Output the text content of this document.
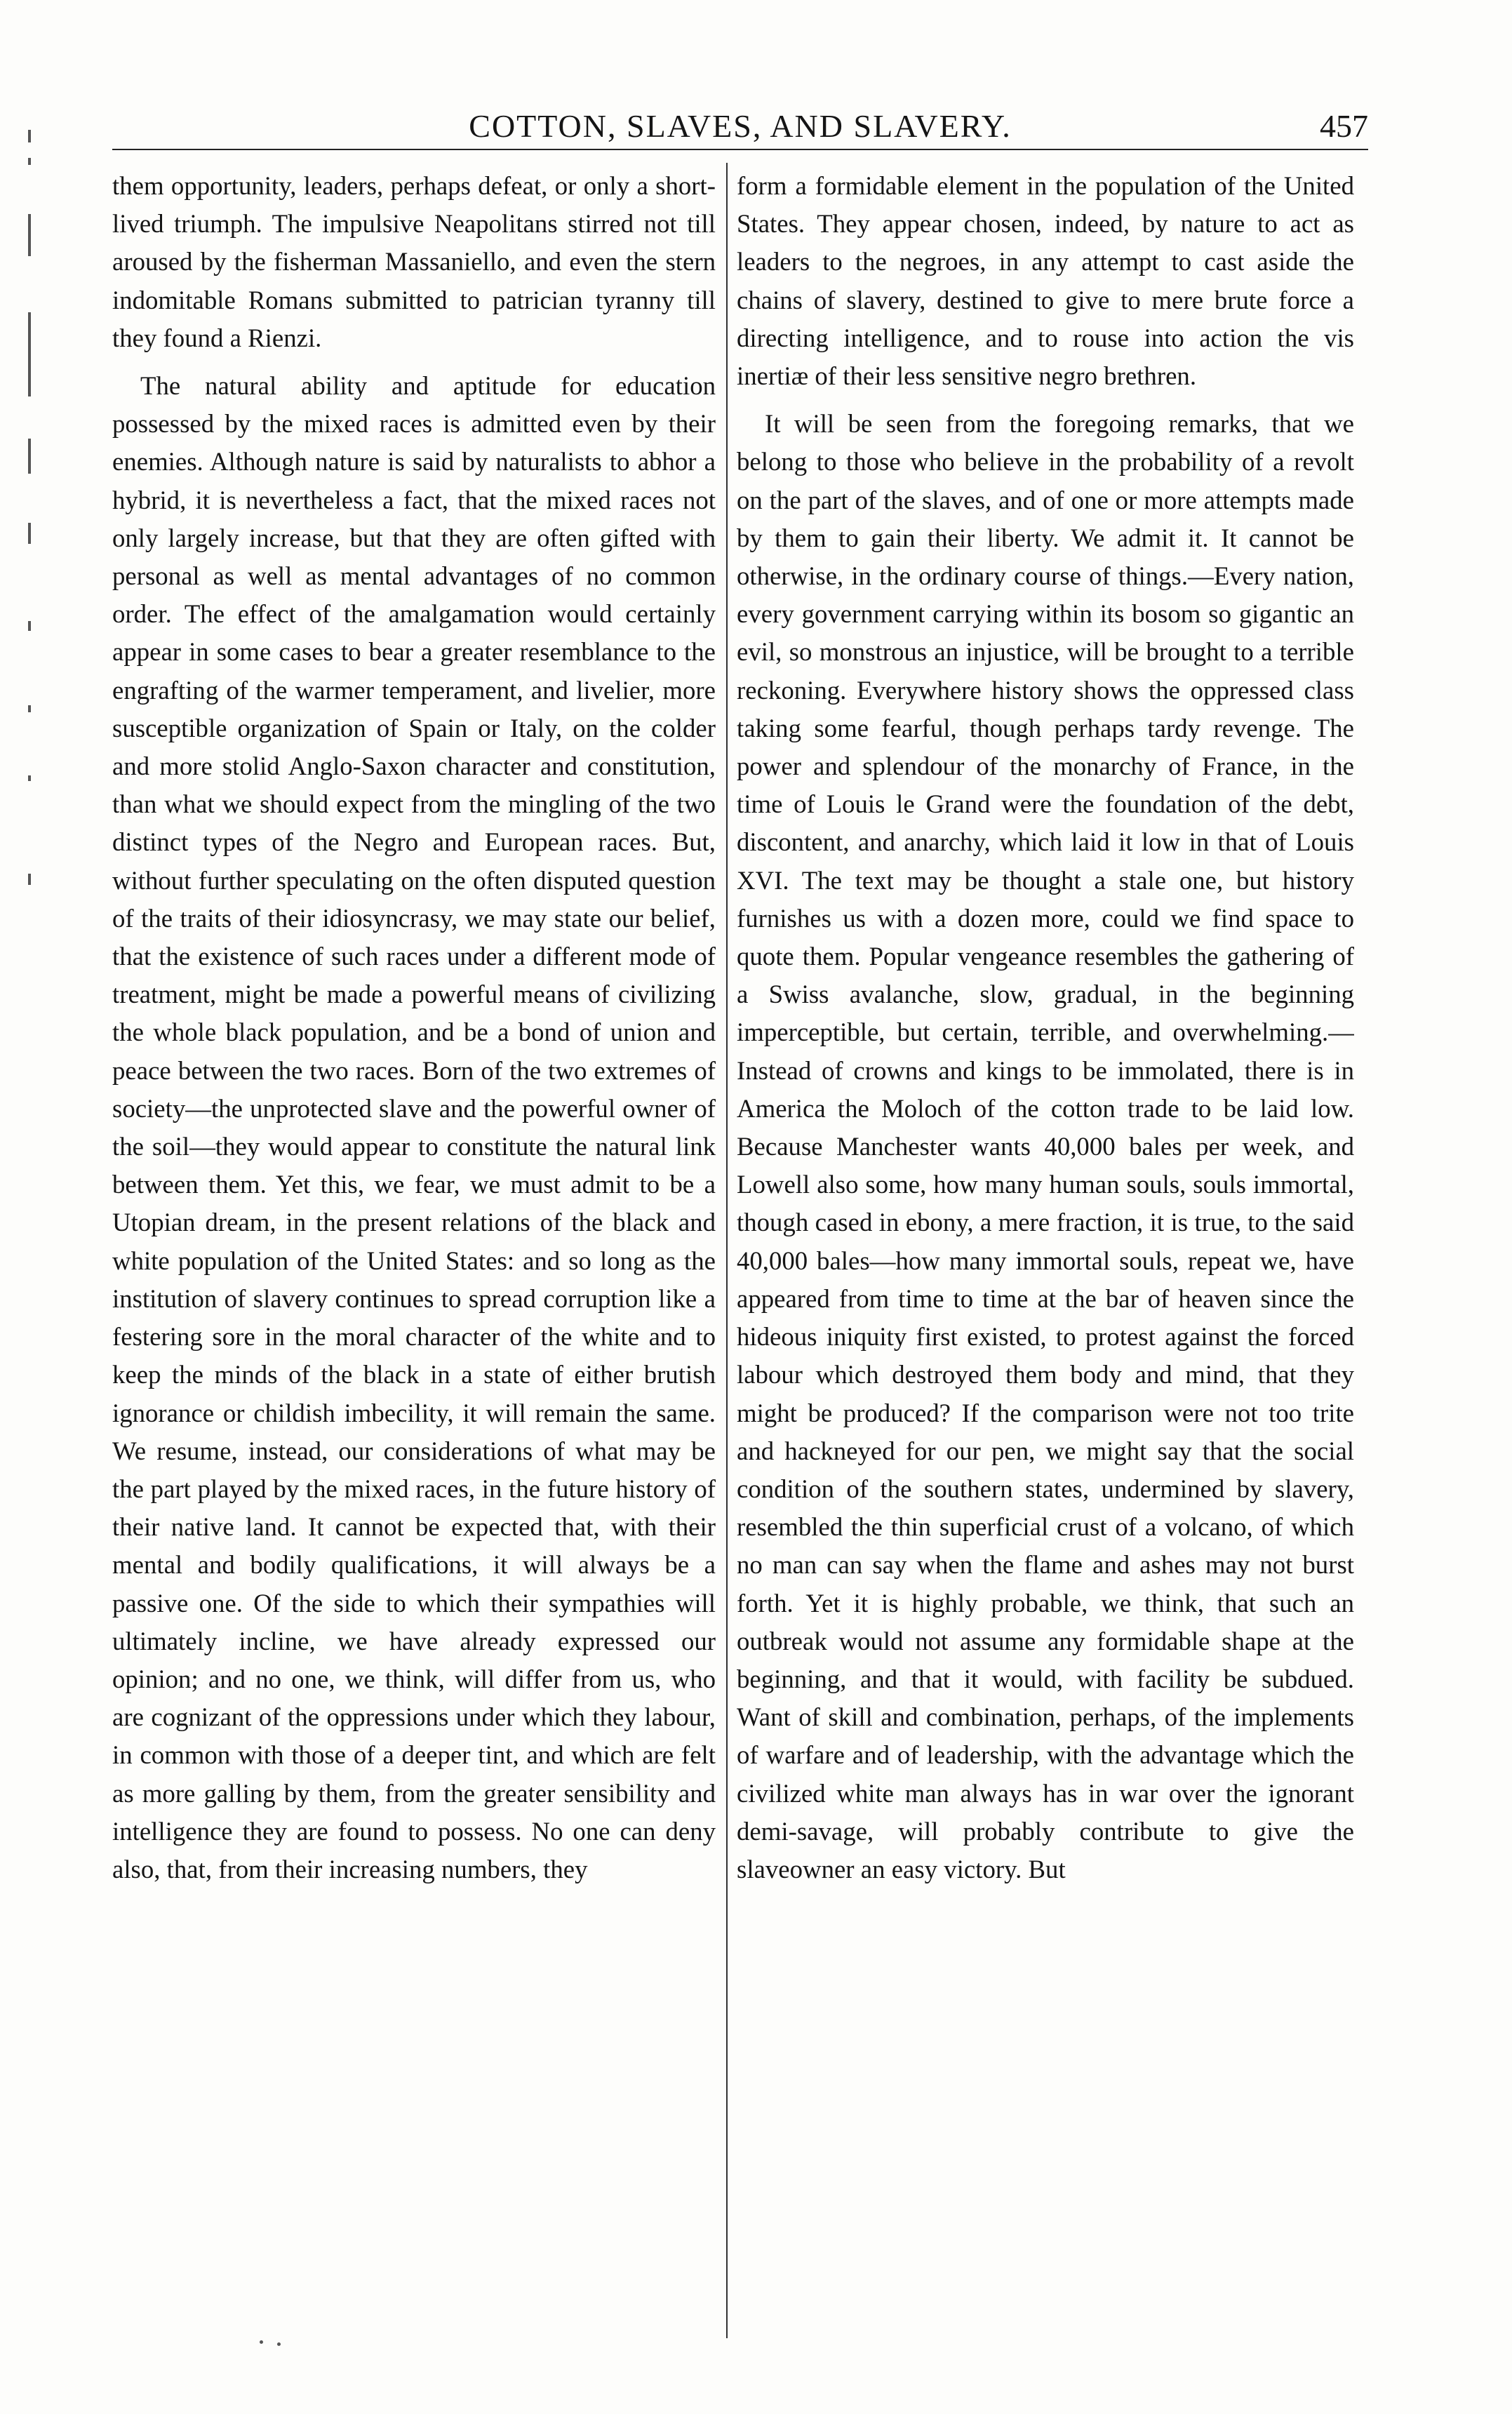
COTTON, SLAVES, AND SLAVERY.	457

them opportunity, leaders, perhaps defeat, or only a short-lived triumph. The impulsive Neapolitans stirred not till aroused by the fisherman Massaniello, and even the stern indomitable Romans submitted to patrician tyranny till they found a Rienzi.

The natural ability and aptitude for education possessed by the mixed races is admitted even by their enemies. Although nature is said by naturalists to abhor a hybrid, it is nevertheless a fact, that the mixed races not only largely increase, but that they are often gifted with personal as well as mental advantages of no common order. The effect of the amalgamation would certainly appear in some cases to bear a greater resemblance to the engrafting of the warmer temperament, and livelier, more susceptible organization of Spain or Italy, on the colder and more stolid Anglo-Saxon character and constitution, than what we should expect from the mingling of the two distinct types of the Negro and European races. But, without further speculating on the often disputed question of the traits of their idiosyncrasy, we may state our belief, that the existence of such races under a different mode of treatment, might be made a powerful means of civilizing the whole black population, and be a bond of union and peace between the two races. Born of the two extremes of society—the unprotected slave and the powerful owner of the soil—they would appear to constitute the natural link between them. Yet this, we fear, we must admit to be a Utopian dream, in the present relations of the black and white population of the United States: and so long as the institution of slavery continues to spread corruption like a festering sore in the moral character of the white and to keep the minds of the black in a state of either brutish ignorance or childish imbecility, it will remain the same. We resume, instead, our considerations of what may be the part played by the mixed races, in the future history of their native land. It cannot be expected that, with their mental and bodily qualifications, it will always be a passive one. Of the side to which their sympathies will ultimately incline, we have already expressed our opinion; and no one, we think, will differ from us, who are cognizant of the oppressions under which they labour, in common with those of a deeper tint, and which are felt as more galling by them, from the greater sensibility and intelligence they are found to possess. No one can deny also, that, from their increasing numbers, they

form a formidable element in the population of the United States. They appear chosen, indeed, by nature to act as leaders to the negroes, in any attempt to cast aside the chains of slavery, destined to give to mere brute force a directing intelligence, and to rouse into action the vis inertiæ of their less sensitive negro brethren.

It will be seen from the foregoing remarks, that we belong to those who believe in the probability of a revolt on the part of the slaves, and of one or more attempts made by them to gain their liberty. We admit it. It cannot be otherwise, in the ordinary course of things.—Every nation, every government carrying within its bosom so gigantic an evil, so monstrous an injustice, will be brought to a terrible reckoning. Everywhere history shows the oppressed class taking some fearful, though perhaps tardy revenge. The power and splendour of the monarchy of France, in the time of Louis le Grand were the foundation of the debt, discontent, and anarchy, which laid it low in that of Louis XVI. The text may be thought a stale one, but history furnishes us with a dozen more, could we find space to quote them. Popular vengeance resembles the gathering of a Swiss avalanche, slow, gradual, in the beginning imperceptible, but certain, terrible, and overwhelming.—Instead of crowns and kings to be immolated, there is in America the Moloch of the cotton trade to be laid low. Because Manchester wants 40,000 bales per week, and Lowell also some, how many human souls, souls immortal, though cased in ebony, a mere fraction, it is true, to the said 40,000 bales—how many immortal souls, repeat we, have appeared from time to time at the bar of heaven since the hideous iniquity first existed, to protest against the forced labour which destroyed them body and mind, that they might be produced? If the comparison were not too trite and hackneyed for our pen, we might say that the social condition of the southern states, undermined by slavery, resembled the thin superficial crust of a volcano, of which no man can say when the flame and ashes may not burst forth. Yet it is highly probable, we think, that such an outbreak would not assume any formidable shape at the beginning, and that it would, with facility be subdued. Want of skill and combination, perhaps, of the implements of warfare and of leadership, with the advantage which the civilized white man always has in war over the ignorant demi-savage, will probably contribute to give the slaveowner an easy victory. But
